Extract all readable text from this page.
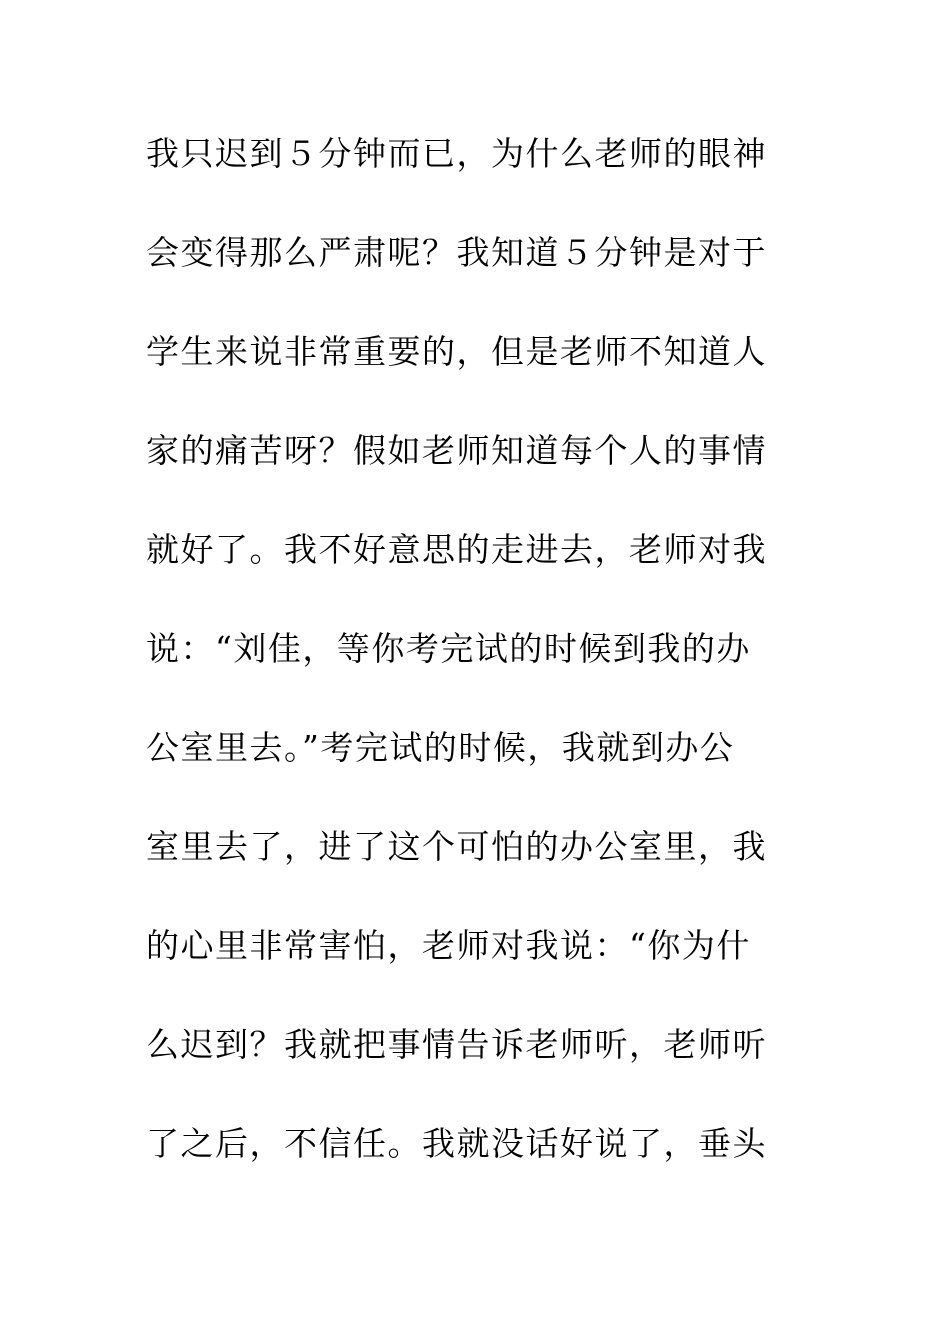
我只迟到５分钟而已，为什么老师的眼神
会变得那么严肃呢？我知道５分钟是对于
学生来说非常重要的，但是老师不知道人
家的痛苦呀？假如老师知道每个人的事情
就好了。我不好意思的走进去，老师对我
说：“刘佳，等你考完试的时候到我的办
公室里去。”考完试的时候，我就到办公
室里去了，进了这个可怕的办公室里，我
的心里非常害怕，老师对我说：“你为什
么迟到？我就把事情告诉老师听，老师听
了之后，不信任。我就没话好说了，垂头
